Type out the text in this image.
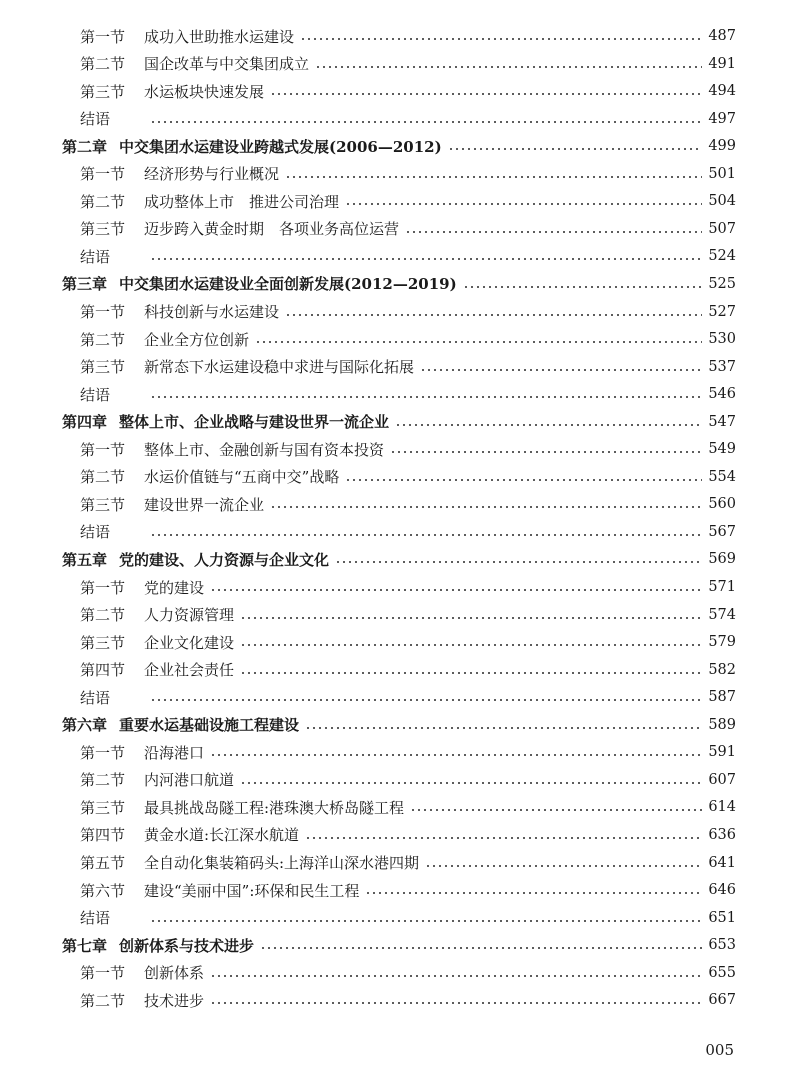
第一节	成功入世助推水运建设	487
第二节	国企改革与中交集团成立	491
第三节	水运板块快速发展	494
结语	497
第二章 中交集团水运建设业跨越式发展(2006—2012)	499
第一节	经济形势与行业概况	501
第二节	成功整体上市　推进公司治理	504
第三节	迈步跨入黄金时期　各项业务高位运营	507
结语	524
第三章 中交集团水运建设业全面创新发展(2012—2019)	525
第一节	科技创新与水运建设	527
第二节	企业全方位创新	530
第三节	新常态下水运建设稳中求进与国际化拓展	537
结语	546
第四章 整体上市、企业战略与建设世界一流企业	547
第一节	整体上市、金融创新与国有资本投资	549
第二节	水运价值链与“五商中交”战略	554
第三节	建设世界一流企业	560
结语	567
第五章 党的建设、人力资源与企业文化	569
第一节	党的建设	571
第二节	人力资源管理	574
第三节	企业文化建设	579
第四节	企业社会责任	582
结语	587
第六章 重要水运基础设施工程建设	589
第一节	沿海港口	591
第二节	内河港口航道	607
第三节	最具挑战岛隧工程:港珠澳大桥岛隧工程	614
第四节	黄金水道:长江深水航道	636
第五节	全自动化集装箱码头:上海洋山深水港四期	641
第六节	建设“美丽中国”:环保和民生工程	646
结语	651
第七章 创新体系与技术进步	653
第一节	创新体系	655
第二节	技术进步	667
005
